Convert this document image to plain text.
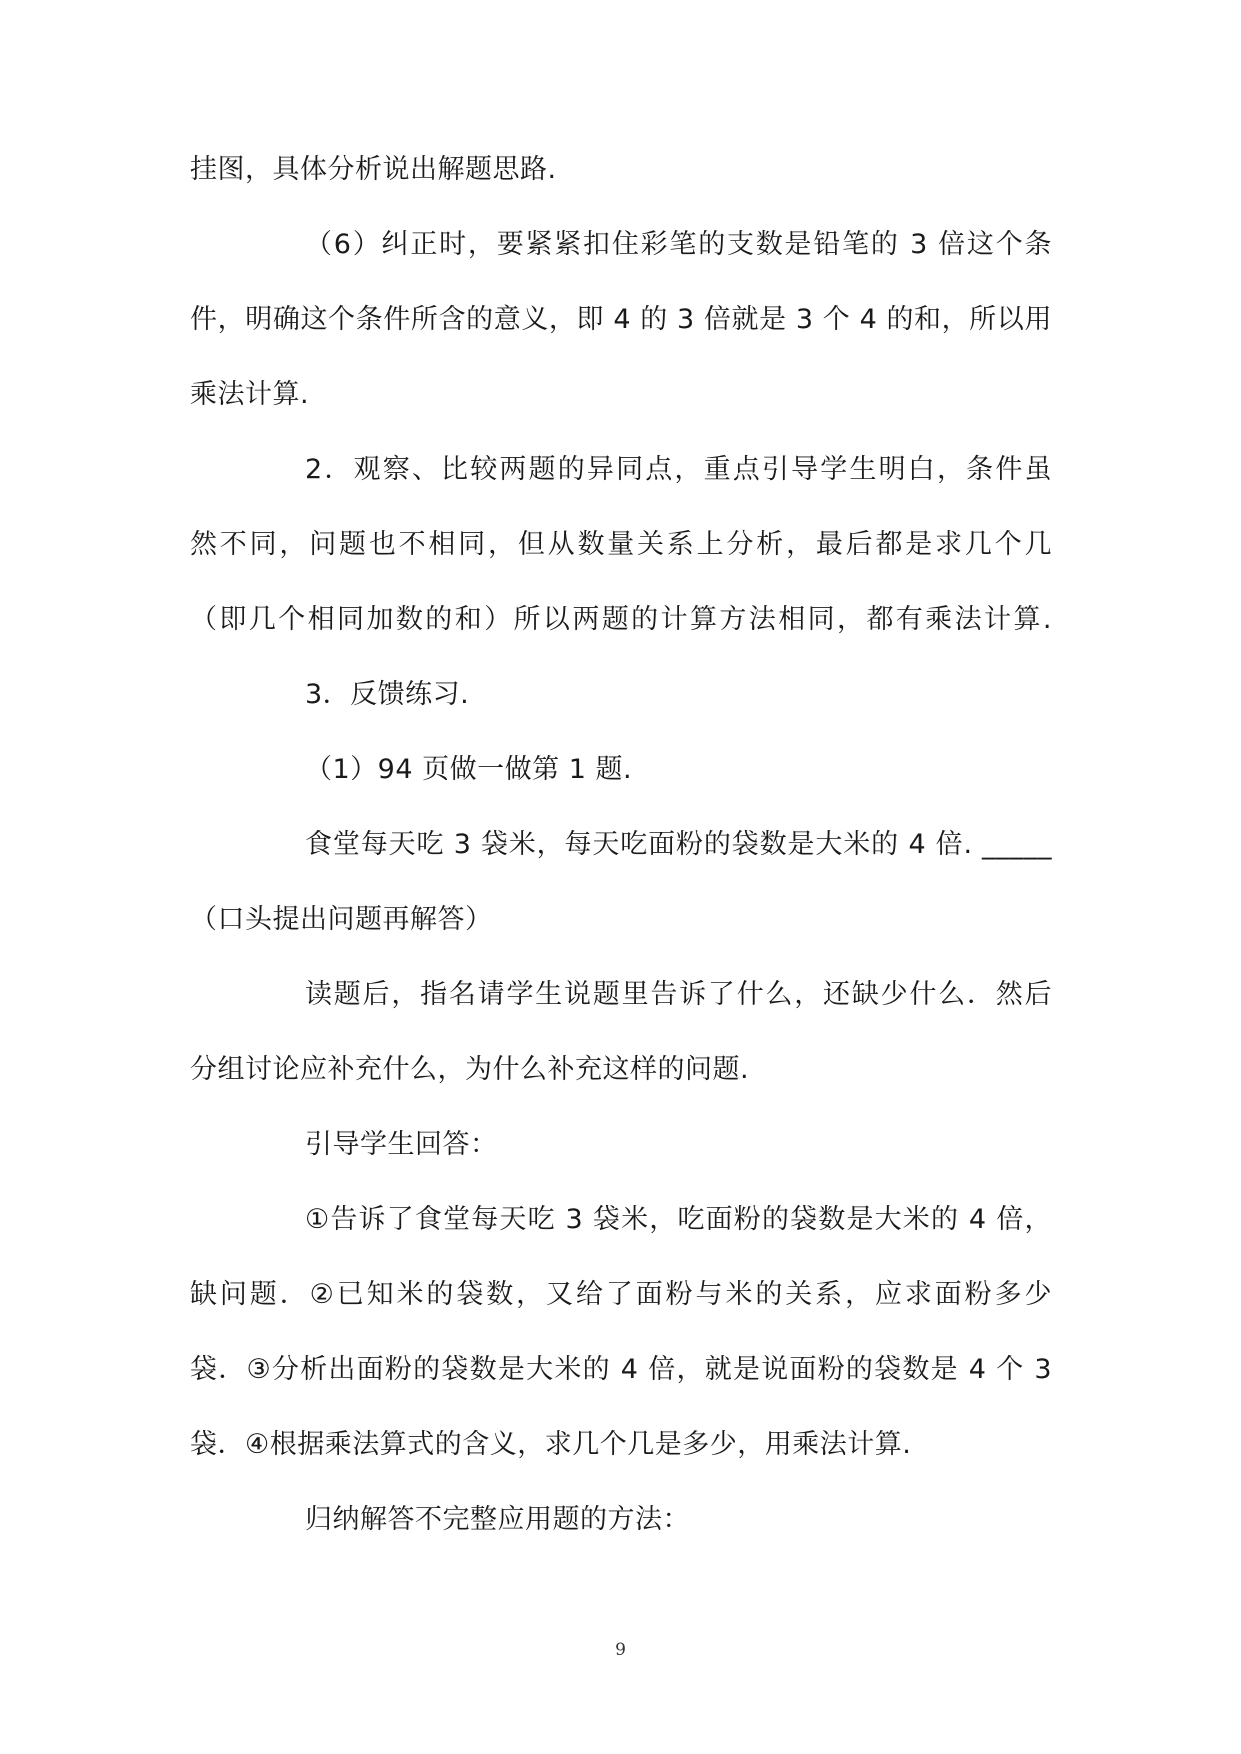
挂图，具体分析说出解题思路.
（6）纠正时，要紧紧扣住彩笔的支数是铅笔的 3 倍这个条
件，明确这个条件所含的意义，即 4 的 3 倍就是 3 个 4 的和，所以用
乘法计算.
2．观察、比较两题的异同点，重点引导学生明白，条件虽
然不同，问题也不相同，但从数量关系上分析，最后都是求几个几
（即几个相同加数的和）所以两题的计算方法相同，都有乘法计算.
3．反馈练习.
（1）94 页做一做第 1 题.
食堂每天吃 3 袋米，每天吃面粉的袋数是大米的 4 倍. _____
（口头提出问题再解答）
读题后，指名请学生说题里告诉了什么，还缺少什么．然后
分组讨论应补充什么，为什么补充这样的问题.
引导学生回答：
①告诉了食堂每天吃 3 袋米，吃面粉的袋数是大米的 4 倍，
缺问题．②已知米的袋数，又给了面粉与米的关系，应求面粉多少
袋．③分析出面粉的袋数是大米的 4 倍，就是说面粉的袋数是 4 个 3
袋．④根据乘法算式的含义，求几个几是多少，用乘法计算.
归纳解答不完整应用题的方法：
9
